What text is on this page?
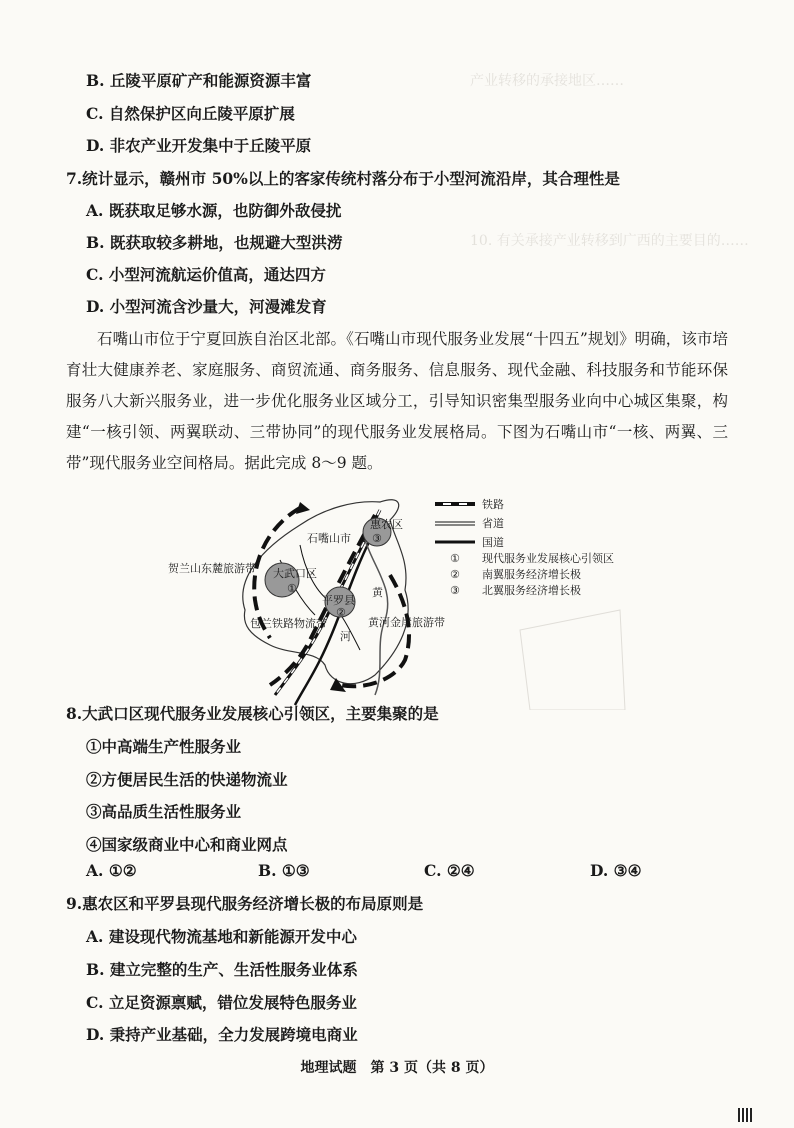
产业转移的承接地区……
10. 有关承接产业转移到广西的主要目的……
B. 丘陵平原矿产和能源资源丰富
C. 自然保护区向丘陵平原扩展
D. 非农产业开发集中于丘陵平原
7.统计显示，赣州市 50%以上的客家传统村落分布于小型河流沿岸，其合理性是
A. 既获取足够水源，也防御外敌侵扰
B. 既获取较多耕地，也规避大型洪涝
C. 小型河流航运价值高，通达四方
D. 小型河流含沙量大，河漫滩发育
石嘴山市位于宁夏回族自治区北部。《石嘴山市现代服务业发展“十四五”规划》明确，该市培育壮大健康养老、家庭服务、商贸流通、商务服务、信息服务、现代金融、科技服务和节能环保服务八大新兴服务业，进一步优化服务业区域分工，引导知识密集型服务业向中心城区集聚，构建“一核引领、两翼联动、三带协同”的现代服务业发展格局。下图为石嘴山市“一核、两翼、三带”现代服务业空间格局。据此完成 8～9 题。
惠农区
③
石嘴山市
大武口区
①
平罗县
②
贺兰山东麓旅游带
包兰铁路物流带	黄河金岸旅游带
黄
河
铁路
省道
国道
① 现代服务业发展核心引领区
② 南翼服务经济增长极
③ 北翼服务经济增长极
8.大武口区现代服务业发展核心引领区，主要集聚的是
①中高端生产性服务业
②方便居民生活的快递物流业
③高品质生活性服务业
④国家级商业中心和商业网点
A. ①②	B. ①③	C. ②④	D. ③④
9.惠农区和平罗县现代服务经济增长极的布局原则是
A. 建设现代物流基地和新能源开发中心
B. 建立完整的生产、生活性服务业体系
C. 立足资源禀赋，错位发展特色服务业
D. 秉持产业基础，全力发展跨境电商业
地理试题　第 3 页（共 8 页）
